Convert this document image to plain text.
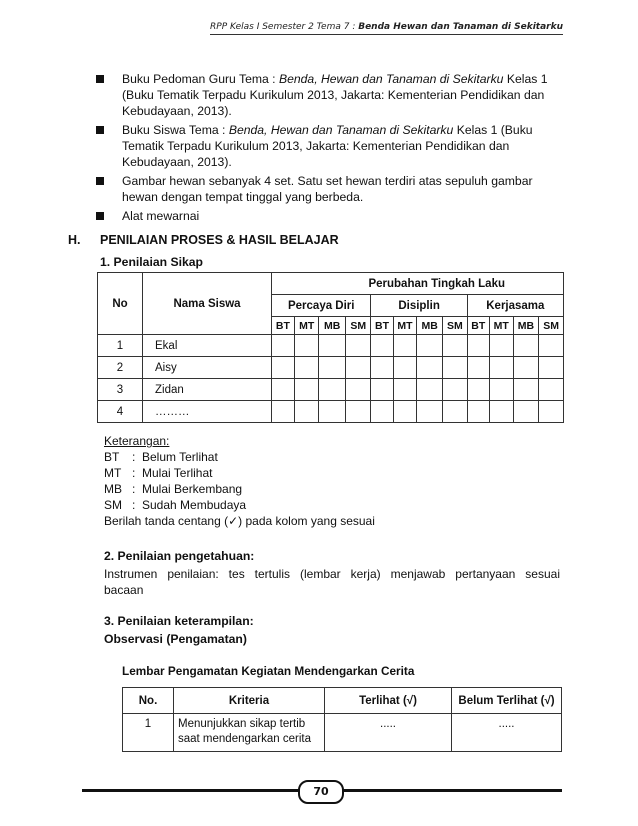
RPP Kelas I Semester 2 Tema 7 : Benda Hewan dan Tanaman di Sekitarku
Buku Pedoman Guru Tema : Benda, Hewan dan Tanaman di Sekitarku Kelas 1 (Buku Tematik Terpadu Kurikulum 2013, Jakarta: Kementerian Pendidikan dan Kebudayaan, 2013).
Buku Siswa Tema : Benda, Hewan dan Tanaman di Sekitarku Kelas 1 (Buku Tematik Terpadu Kurikulum 2013, Jakarta: Kementerian Pendidikan dan Kebudayaan, 2013).
Gambar hewan sebanyak 4 set. Satu set hewan terdiri atas sepuluh gambar hewan dengan tempat tinggal yang berbeda.
Alat mewarnai
H. PENILAIAN PROSES & HASIL BELAJAR
1. Penilaian Sikap
No	Nama Siswa	Perubahan Tingkah Laku											
		Percaya Diri				Disiplin				Kerjasama			
		BT	MT	MB	SM	BT	MT	MB	SM	BT	MT	MB	SM
1	Ekal												
2	Aisy												
3	Zidan												
4	………												
Keterangan:
BT : Belum Terlihat
MT : Mulai Terlihat
MB : Mulai Berkembang
SM : Sudah Membudaya
Berilah tanda centang (✓) pada kolom yang sesuai
2. Penilaian pengetahuan:
Instrumen penilaian: tes tertulis (lembar kerja) menjawab pertanyaan sesuai
bacaan
3. Penilaian keterampilan:
Observasi (Pengamatan)
Lembar Pengamatan Kegiatan Mendengarkan Cerita
No.	Kriteria	Terlihat (√)	Belum Terlihat (√)
1	Menunjukkan sikap tertib saat mendengarkan cerita	.....	.....
70
